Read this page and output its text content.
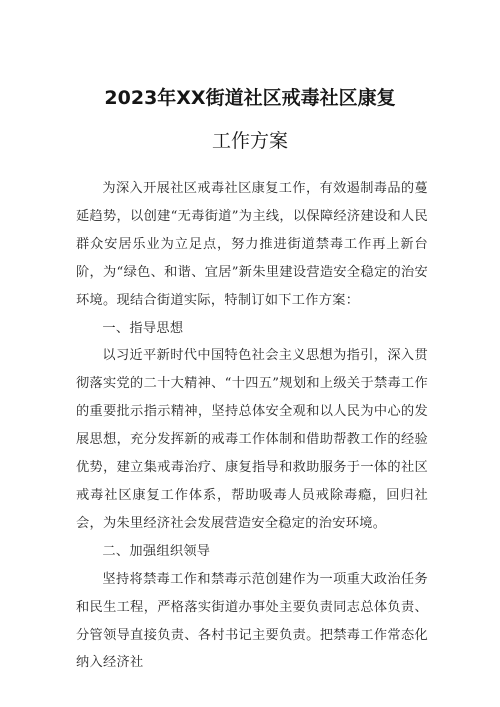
2023年XX街道社区戒毒社区康复
工作方案

为深入开展社区戒毒社区康复工作，有效遏制毒品的蔓延趋势，以创建“无毒街道”为主线，以保障经济建设和人民群众安居乐业为立足点，努力推进街道禁毒工作再上新台阶，为“绿色、和谐、宜居”新朱里建设营造安全稳定的治安环境。现结合街道实际，特制订如下工作方案：

一、指导思想

以习近平新时代中国特色社会主义思想为指引，深入贯彻落实党的二十大精神、“十四五”规划和上级关于禁毒工作的重要批示指示精神，坚持总体安全观和以人民为中心的发展思想，充分发挥新的戒毒工作体制和借助帮教工作的经验优势，建立集戒毒治疗、康复指导和救助服务于一体的社区戒毒社区康复工作体系，帮助吸毒人员戒除毒瘾，回归社会，为朱里经济社会发展营造安全稳定的治安环境。

二、加强组织领导

坚持将禁毒工作和禁毒示范创建作为一项重大政治任务和民生工程，严格落实街道办事处主要负责同志总体负责、分管领导直接负责、各村书记主要负责。把禁毒工作常态化纳入经济社
